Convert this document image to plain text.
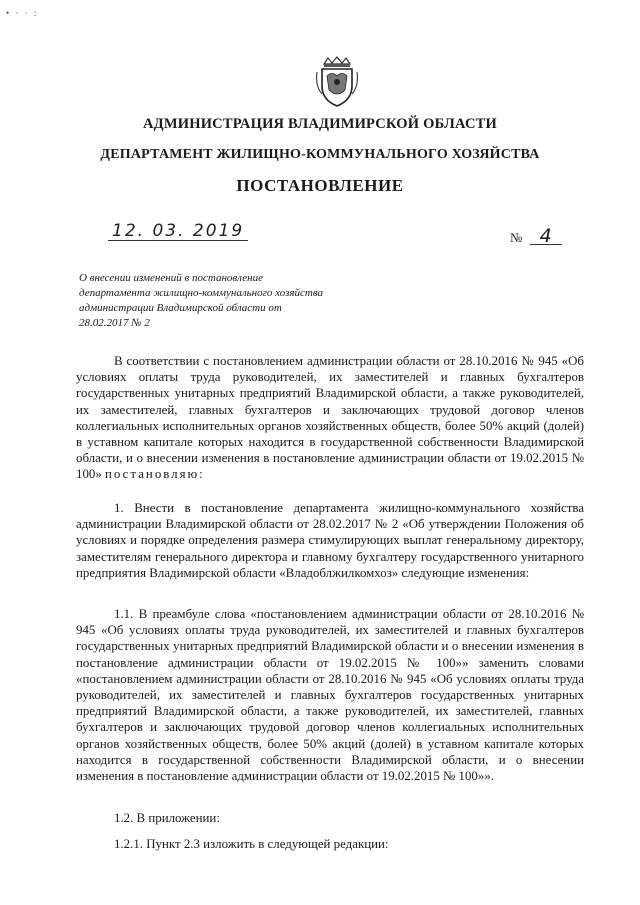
• · · :
АДМИНИСТРАЦИЯ ВЛАДИМИРСКОЙ ОБЛАСТИ
ДЕПАРТАМЕНТ ЖИЛИЩНО-КОММУНАЛЬНОГО ХОЗЯЙСТВА
ПОСТАНОВЛЕНИЕ
12. 03. 2019	№ 4
О внесении изменений в постановление департамента жилищно-коммунального хозяйства администрации Владимирской области от 28.02.2017 № 2

В соответствии с постановлением администрации области от 28.10.2016 № 945 «Об условиях оплаты труда руководителей, их заместителей и главных бухгалтеров государственных унитарных предприятий Владимирской области, а также руководителей, их заместителей, главных бухгалтеров и заключающих трудовой договор членов коллегиальных исполнительных органов хозяйственных обществ, более 50% акций (долей) в уставном капитале которых находится в государственной собственности Владимирской области, и о внесении изменения в постановление администрации области от 19.02.2015 № 100» постановляю:

1. Внести в постановление департамента жилищно-коммунального хозяйства администрации Владимирской области от 28.02.2017 № 2 «Об утверждении Положения об условиях и порядке определения размера стимулирующих выплат генеральному директору, заместителям генерального директора и главному бухгалтеру государственного унитарного предприятия Владимирской области «Владоблжилкомхоз» следующие изменения:

1.1. В преамбуле слова «постановлением администрации области от 28.10.2016 № 945 «Об условиях оплаты труда руководителей, их заместителей и главных бухгалтеров государственных унитарных предприятий Владимирской области и о внесении изменения в постановление администрации области от 19.02.2015 № 100»» заменить словами «постановлением администрации области от 28.10.2016 № 945 «Об условиях оплаты труда руководителей, их заместителей и главных бухгалтеров государственных унитарных предприятий Владимирской области, а также руководителей, их заместителей, главных бухгалтеров и заключающих трудовой договор членов коллегиальных исполнительных органов хозяйственных обществ, более 50% акций (долей) в уставном капитале которых находится в государственной собственности Владимирской области, и о внесении изменения в постановление администрации области от 19.02.2015 № 100»».

1.2. В приложении:

1.2.1. Пункт 2.3 изложить в следующей редакции:
